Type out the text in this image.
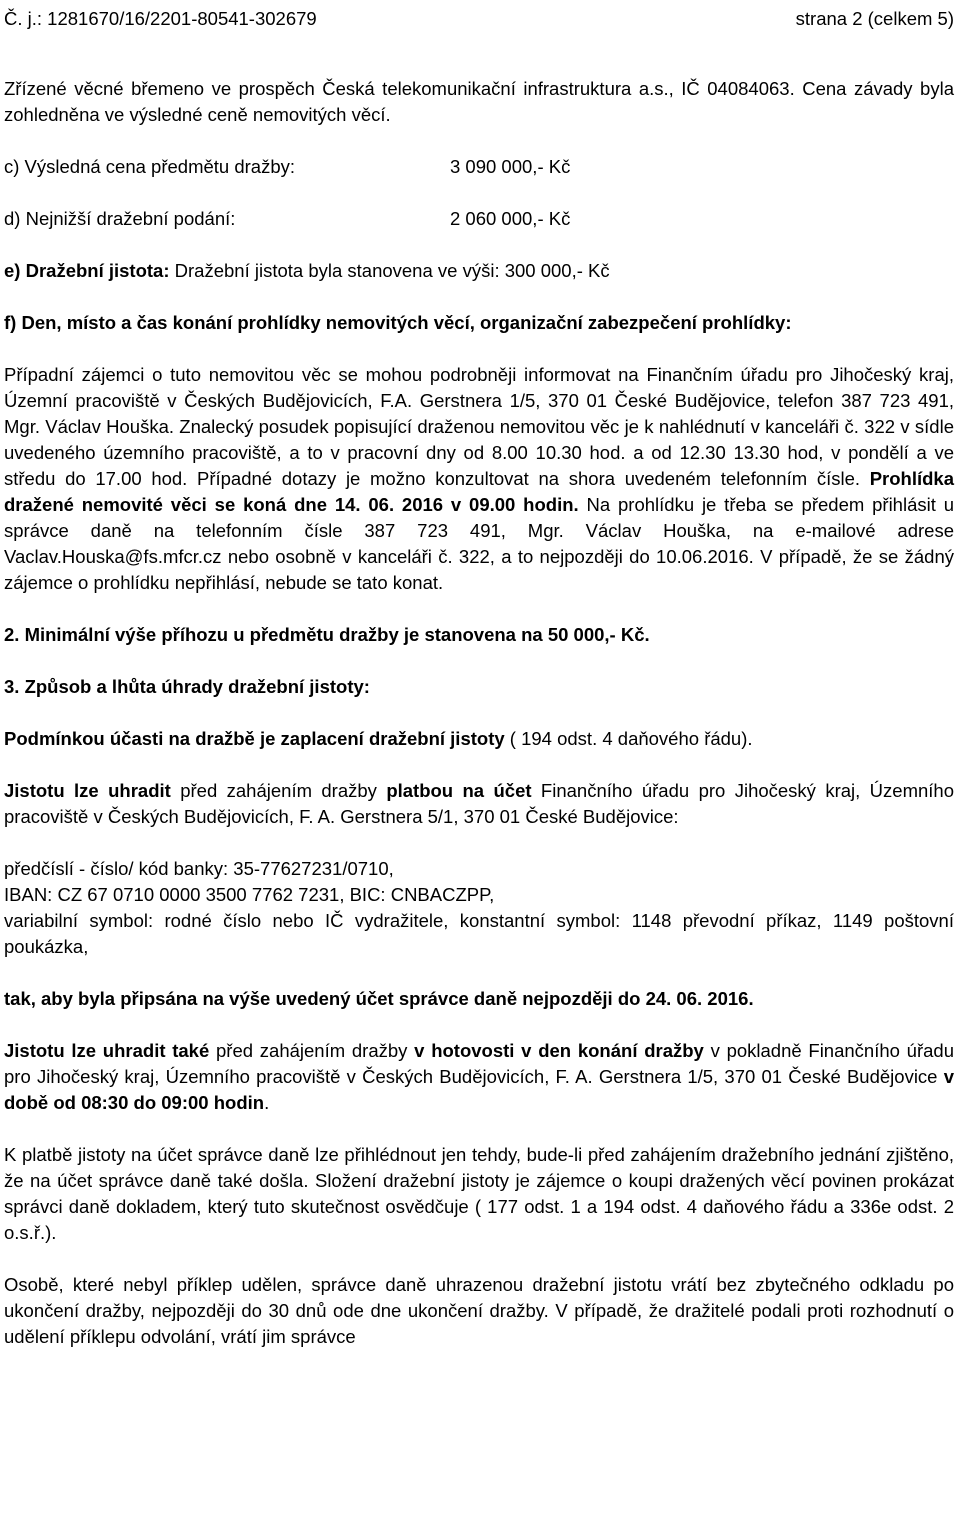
Č. j.: 1281670/16/2201-80541-302679	strana 2 (celkem 5)

Zřízené věcné břemeno ve prospěch Česká telekomunikační infrastruktura a.s., IČ 04084063. Cena závady byla zohledněna ve výsledné ceně nemovitých věcí.

c) Výsledná cena předmětu dražby:	3 090 000,- Kč
d) Nejnižší dražební podání:	2 060 000,- Kč

e) Dražební jistota: Dražební jistota byla stanovena ve výši: 300 000,- Kč

f) Den, místo a čas konání prohlídky nemovitých věcí, organizační zabezpečení prohlídky:

Případní zájemci o tuto nemovitou věc se mohou podrobněji informovat na Finančním úřadu pro Jihočeský kraj, Územní pracoviště v Českých Budějovicích, F.A. Gerstnera 1/5, 370 01 České Budějovice, telefon 387 723 491, Mgr. Václav Houška. Znalecký posudek popisující draženou nemovitou věc je k nahlédnutí v kanceláři č. 322 v sídle uvedeného územního pracoviště, a to v pracovní dny od 8.00 10.30 hod. a od 12.30 13.30 hod, v pondělí a ve středu do 17.00 hod. Případné dotazy je možno konzultovat na shora uvedeném telefonním čísle. Prohlídka dražené nemovité věci se koná dne 14. 06. 2016 v 09.00 hodin. Na prohlídku je třeba se předem přihlásit u správce daně na telefonním čísle 387 723 491, Mgr. Václav Houška, na e-mailové adrese Vaclav.Houska@fs.mfcr.cz nebo osobně v kanceláři č. 322, a to nejpozději do 10.06.2016. V případě, že se žádný zájemce o prohlídku nepřihlásí, nebude se tato konat.

2. Minimální výše příhozu u předmětu dražby je stanovena na 50 000,- Kč.

3. Způsob a lhůta úhrady dražební jistoty:

Podmínkou účasti na dražbě je zaplacení dražební jistoty ( 194 odst. 4 daňového řádu).

Jistotu lze uhradit před zahájením dražby platbou na účet Finančního úřadu pro Jihočeský kraj, Územního pracoviště v Českých Budějovicích, F. A. Gerstnera 5/1, 370 01 České Budějovice:

předčíslí - číslo/ kód banky: 35-77627231/0710,

IBAN: CZ 67 0710 0000 3500 7762 7231, BIC: CNBACZPP,

variabilní symbol: rodné číslo nebo IČ vydražitele, konstantní symbol: 1148 převodní příkaz, 1149 poštovní poukázka,

tak, aby byla připsána na výše uvedený účet správce daně nejpozději do 24. 06. 2016.

Jistotu lze uhradit také před zahájením dražby v hotovosti v den konání dražby v pokladně Finančního úřadu pro Jihočeský kraj, Územního pracoviště v Českých Budějovicích, F. A. Gerstnera 1/5, 370 01 České Budějovice v době od 08:30 do 09:00 hodin.

K platbě jistoty na účet správce daně lze přihlédnout jen tehdy, bude-li před zahájením dražebního jednání zjištěno, že na účet správce daně také došla. Složení dražební jistoty je zájemce o koupi dražených věcí povinen prokázat správci daně dokladem, který tuto skutečnost osvědčuje ( 177 odst. 1 a 194 odst. 4 daňového řádu a 336e odst. 2 o.s.ř.).

Osobě, které nebyl příklep udělen, správce daně uhrazenou dražební jistotu vrátí bez zbytečného odkladu po ukončení dražby, nejpozději do 30 dnů ode dne ukončení dražby. V případě, že dražitelé podali proti rozhodnutí o udělení příklepu odvolání, vrátí jim správce
